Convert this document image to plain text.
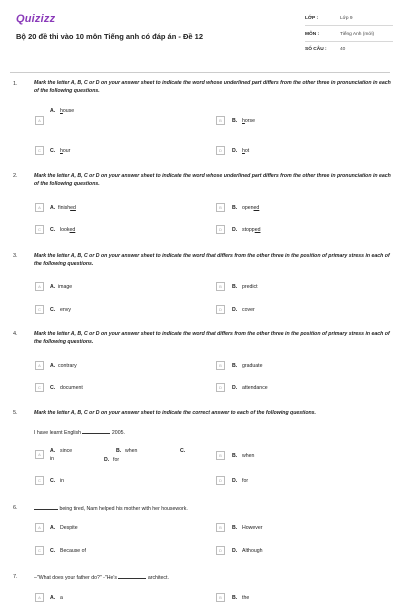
Quizizz
Bộ 20 đề thi vào 10 môn Tiếng anh có đáp án - Đề 12
LỚP :	Lớp 9
MÔN :	Tiếng Anh (mới)
SỐ CÂU :	40
1.	Mark the letter A, B, C or D on your answer sheet to indicate the word whose underlined part differs from the other three in pronunciation in each of the following questions.
A. house
A	B	B. horse
C	C. hour	D	D. hot
2.	Mark the letter A, B, C or D on your answer sheet to indicate the word whose underlined part differs from the other three in pronunciation in each of the following questions.
A	A. finished	B	B. opened
C	C. looked	D	D. stopped
3.	Mark the letter A, B, C or D on your answer sheet to indicate the word that differs from the other three in the position of primary stress in each of the following questions.
A	A. image	B	B. predict
C	C. envy	D	D. cover
4.	Mark the letter A, B, C or D on your answer sheet to indicate the word that differs from the other three in the position of primary stress in each of the following questions.
A	A. contrary	B	B. graduate
C	C. document	D	D. attendance
5.	Mark the letter A, B, C or D on your answer sheet to indicate the correct answer to each of the following questions.
I have learnt English	2005.
A
A. since
in
B. when	C.
D. for
B	B. when
C	C. in	D	D. for
6.	being tired, Nam helped his mother with her housework.
A	A. Despite	B	B. However
C	C. Because of	D	D. Although
7.	–"What does your father do?" -"He's	architect.
A	A. a	B	B. the
